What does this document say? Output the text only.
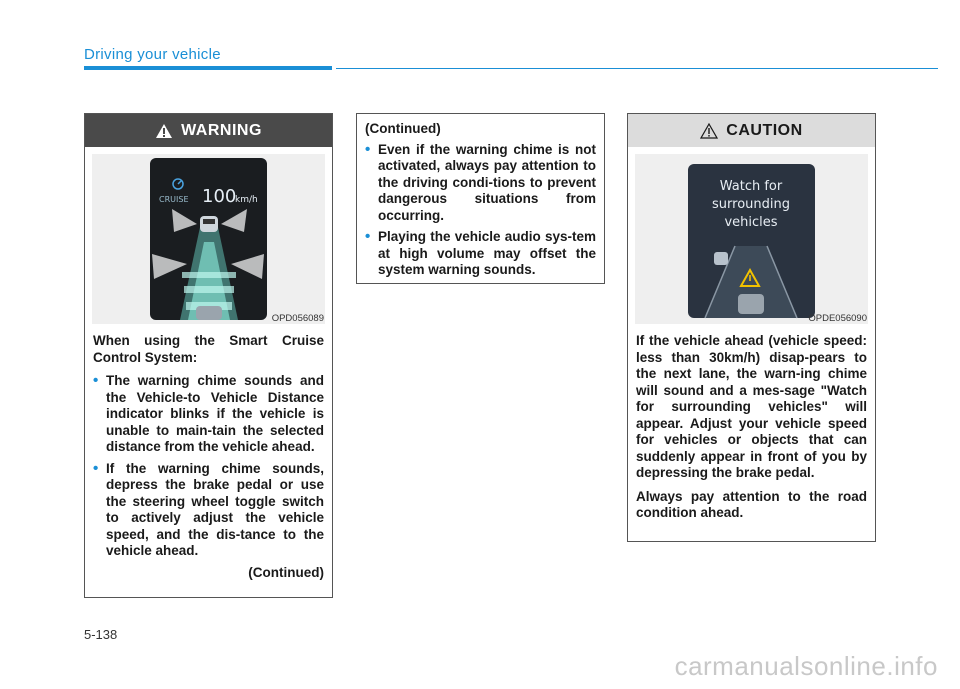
Driving your vehicle
WARNING
CRUISE 100
km/h
OPD056089

When using the Smart Cruise Control System:

• The warning chime sounds and the Vehicle-to Vehicle Distance indicator blinks if the vehicle is unable to main-tain the selected distance from the vehicle ahead.
• If the warning chime sounds, depress the brake pedal or use the steering wheel toggle switch to actively adjust the vehicle speed, and the dis-tance to the vehicle ahead.
(Continued)

(Continued)

• Even if the warning chime is not activated, always pay attention to the driving condi-tions to prevent dangerous situations from occurring.
• Playing the vehicle audio sys-tem at high volume may offset the system warning sounds.
CAUTION
Watch for
surrounding
vehicles
OPDE056090

If the vehicle ahead (vehicle speed: less than 30km/h) disap-pears to the next lane, the warn-ing chime will sound and a mes-sage "Watch for surrounding vehicles" will appear. Adjust your vehicle speed for vehicles or objects that can suddenly appear in front of you by depressing the brake pedal.

Always pay attention to the road condition ahead.

5-138
carmanualsonline.info
